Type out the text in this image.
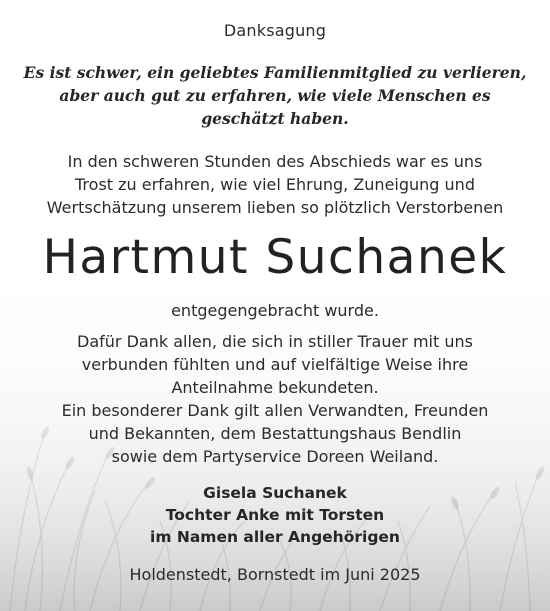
Danksagung

Es ist schwer, ein geliebtes Familienmitglied zu verlieren,

aber auch gut zu erfahren, wie viele Menschen es

geschätzt haben.

In den schweren Stunden des Abschieds war es uns

Trost zu erfahren, wie viel Ehrung, Zuneigung und

Wertschätzung unserem lieben so plötzlich Verstorbenen

Hartmut Suchanek

entgegengebracht wurde.

Dafür Dank allen, die sich in stiller Trauer mit uns

verbunden fühlten und auf vielfältige Weise ihre

Anteilnahme bekundeten.

Ein besonderer Dank gilt allen Verwandten, Freunden

und Bekannten, dem Bestattungshaus Bendlin

sowie dem Partyservice Doreen Weiland.

Gisela Suchanek

Tochter Anke mit Torsten

im Namen aller Angehörigen

Holdenstedt, Bornstedt im Juni 2025
